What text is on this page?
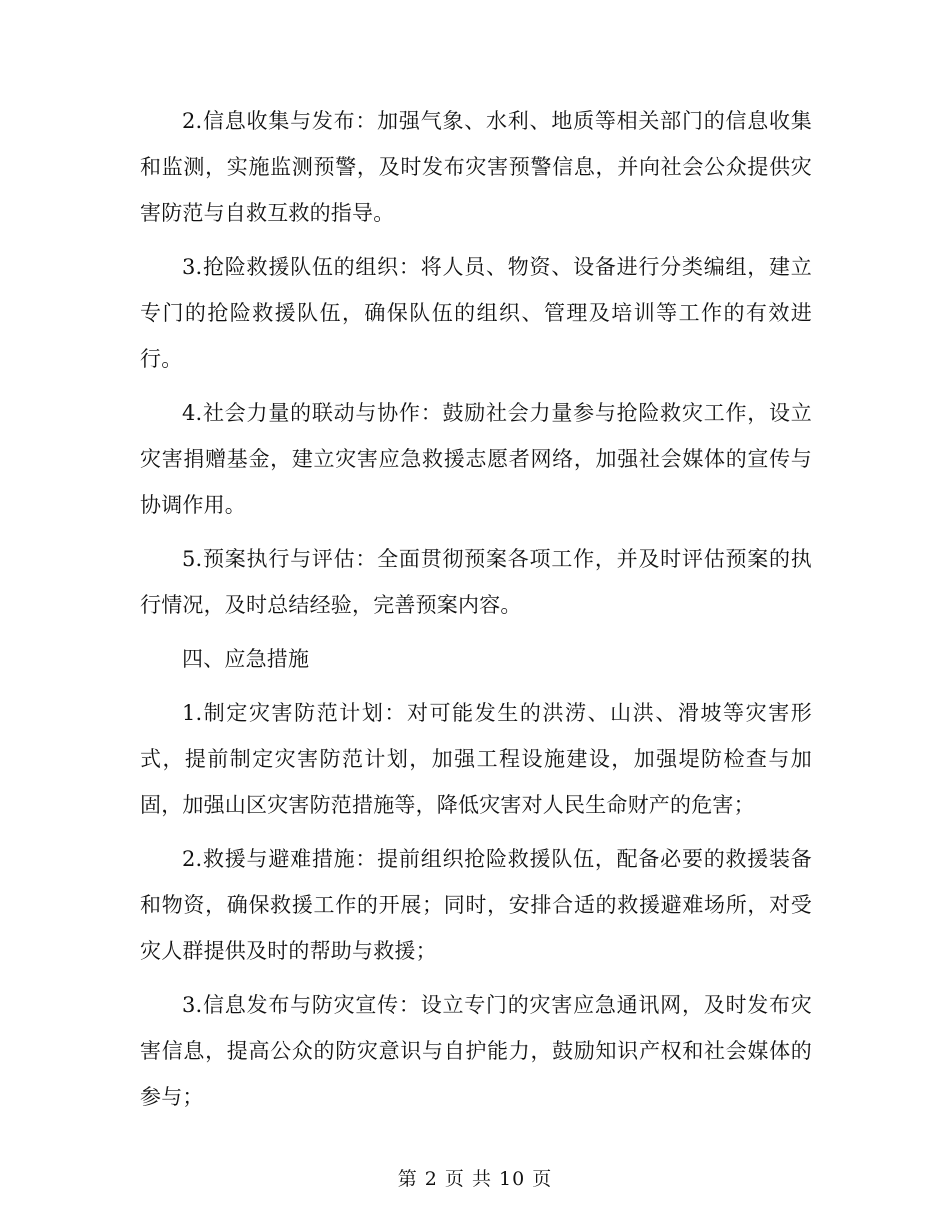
2.信息收集与发布：加强气象、水利、地质等相关部门的信息收集和监测，实施监测预警，及时发布灾害预警信息，并向社会公众提供灾害防范与自救互救的指导。

3.抢险救援队伍的组织：将人员、物资、设备进行分类编组，建立专门的抢险救援队伍，确保队伍的组织、管理及培训等工作的有效进行。

4.社会力量的联动与协作：鼓励社会力量参与抢险救灾工作，设立灾害捐赠基金，建立灾害应急救援志愿者网络，加强社会媒体的宣传与协调作用。

5.预案执行与评估：全面贯彻预案各项工作，并及时评估预案的执行情况，及时总结经验，完善预案内容。

四、应急措施

1.制定灾害防范计划：对可能发生的洪涝、山洪、滑坡等灾害形式，提前制定灾害防范计划，加强工程设施建设，加强堤防检查与加固，加强山区灾害防范措施等，降低灾害对人民生命财产的危害；

2.救援与避难措施：提前组织抢险救援队伍，配备必要的救援装备和物资，确保救援工作的开展；同时，安排合适的救援避难场所，对受灾人群提供及时的帮助与救援；

3.信息发布与防灾宣传：设立专门的灾害应急通讯网，及时发布灾害信息，提高公众的防灾意识与自护能力，鼓励知识产权和社会媒体的参与；

第 2 页 共 10 页
